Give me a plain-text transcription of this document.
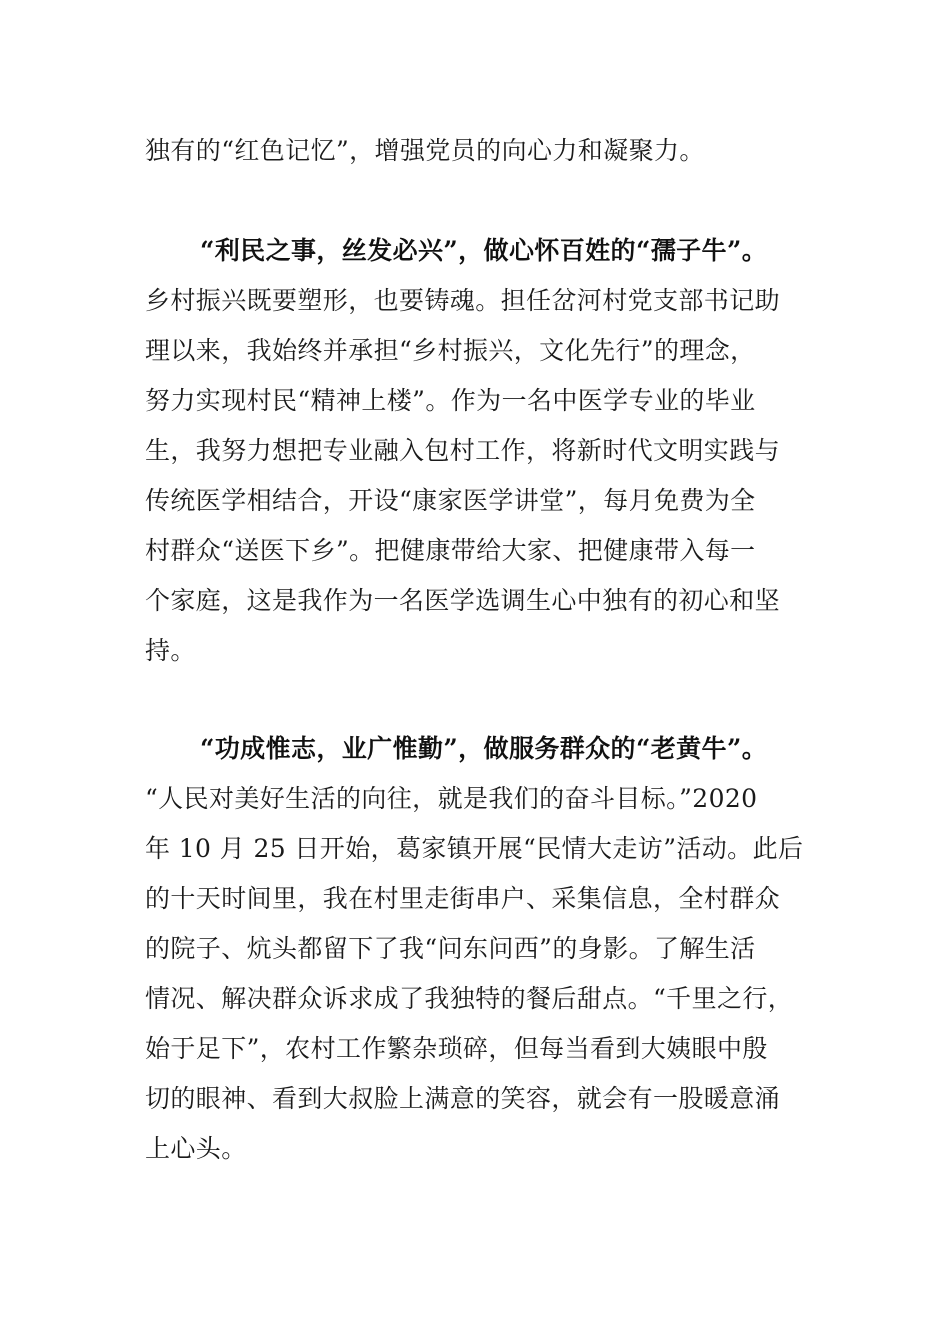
独有的“红色记忆”，增强党员的向心力和凝聚力。
“利民之事，丝发必兴”，做心怀百姓的“孺子牛”。
乡村振兴既要塑形，也要铸魂。担任岔河村党支部书记助
理以来，我始终并承担“乡村振兴，文化先行”的理念，
努力实现村民“精神上楼”。作为一名中医学专业的毕业
生，我努力想把专业融入包村工作，将新时代文明实践与
传统医学相结合，开设“康家医学讲堂”，每月免费为全
村群众“送医下乡”。把健康带给大家、把健康带入每一
个家庭，这是我作为一名医学选调生心中独有的初心和坚
持。
“功成惟志，业广惟勤”，做服务群众的“老黄牛”。
“人民对美好生活的向往，就是我们的奋斗目标。”2020
年 10 月 25 日开始，葛家镇开展“民情大走访”活动。此后
的十天时间里，我在村里走街串户、采集信息，全村群众
的院子、炕头都留下了我“问东问西”的身影。了解生活
情况、解决群众诉求成了我独特的餐后甜点。“千里之行，
始于足下”，农村工作繁杂琐碎，但每当看到大姨眼中殷
切的眼神、看到大叔脸上满意的笑容，就会有一股暖意涌
上心头。
